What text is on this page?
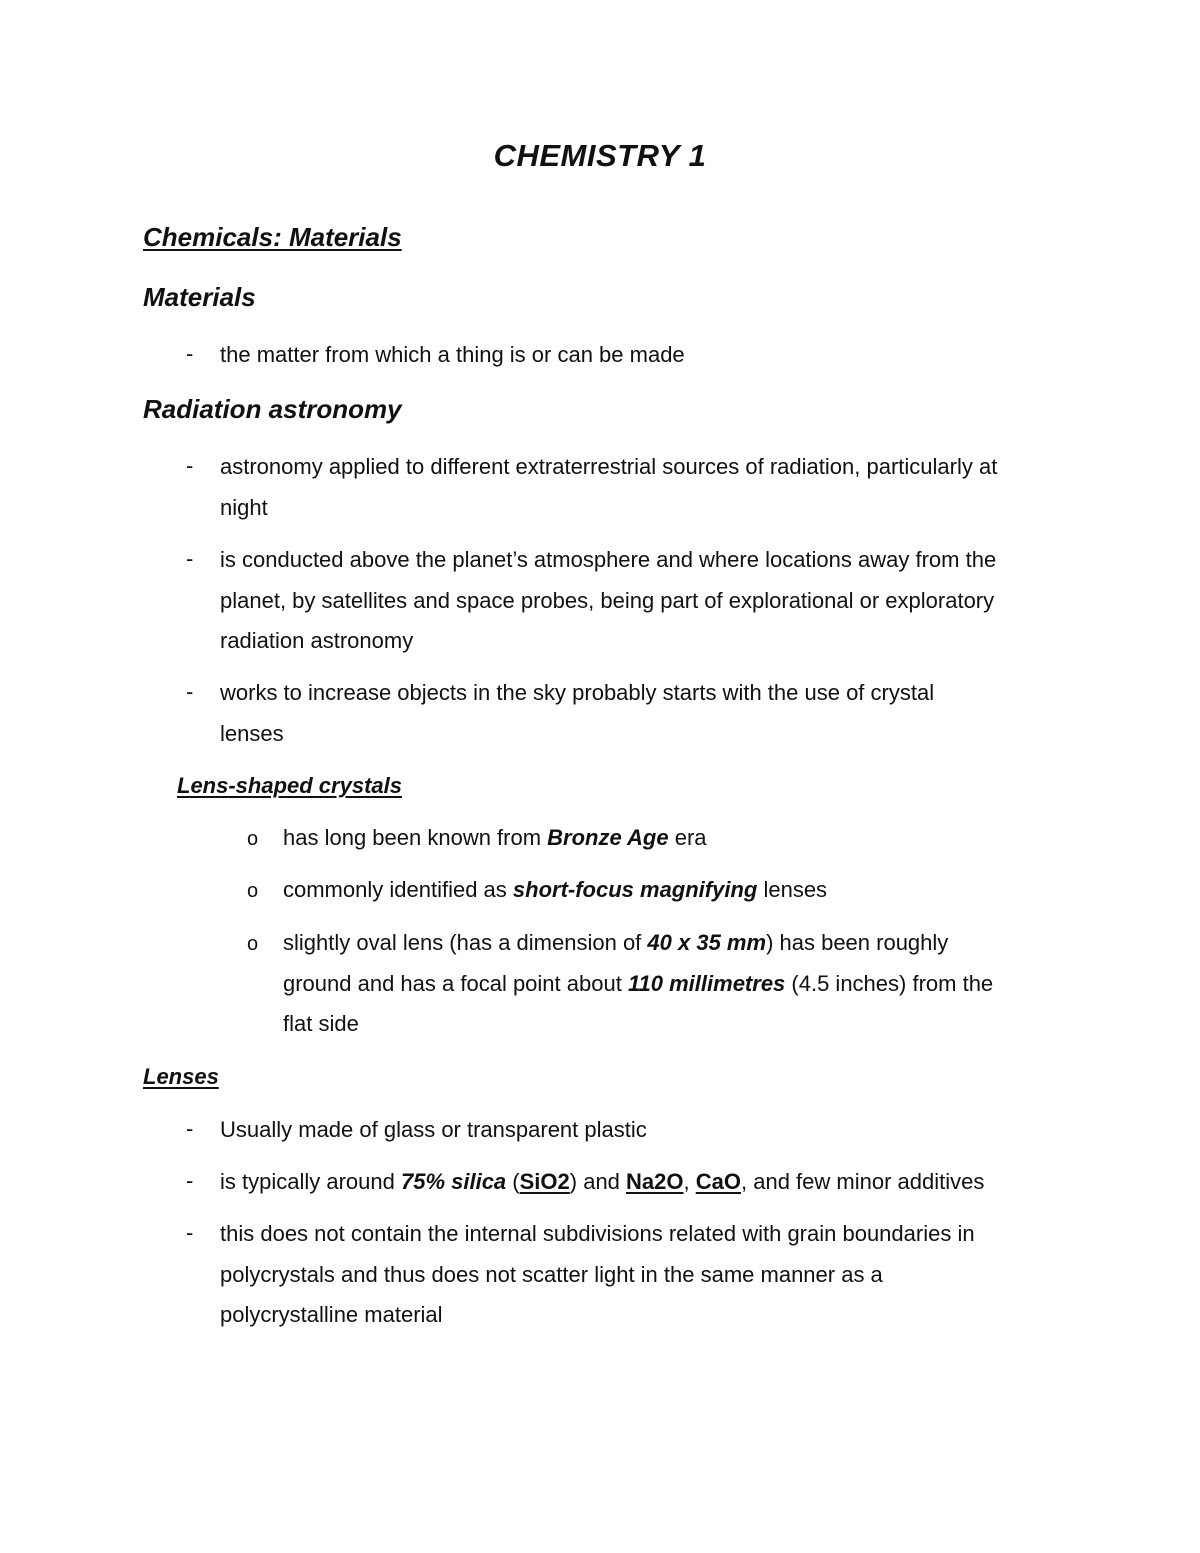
CHEMISTRY 1
Chemicals: Materials
Materials
- the matter from which a thing is or can be made
Radiation astronomy
- astronomy applied to different extraterrestrial sources of radiation, particularly at
night
- is conducted above the planet’s atmosphere and where locations away from the
planet, by satellites and space probes, being part of explorational or exploratory
radiation astronomy
- works to increase objects in the sky probably starts with the use of crystal
lenses
Lens-shaped crystals
o has long been known from Bronze Age era
o commonly identified as short-focus magnifying lenses
o slightly oval lens (has a dimension of 40 x 35 mm) has been roughly
ground and has a focal point about 110 millimetres (4.5 inches) from the
flat side
Lenses
- Usually made of glass or transparent plastic
- is typically around 75% silica (SiO2) and Na2O, CaO, and few minor additives
- this does not contain the internal subdivisions related with grain boundaries in
polycrystals and thus does not scatter light in the same manner as a
polycrystalline material
